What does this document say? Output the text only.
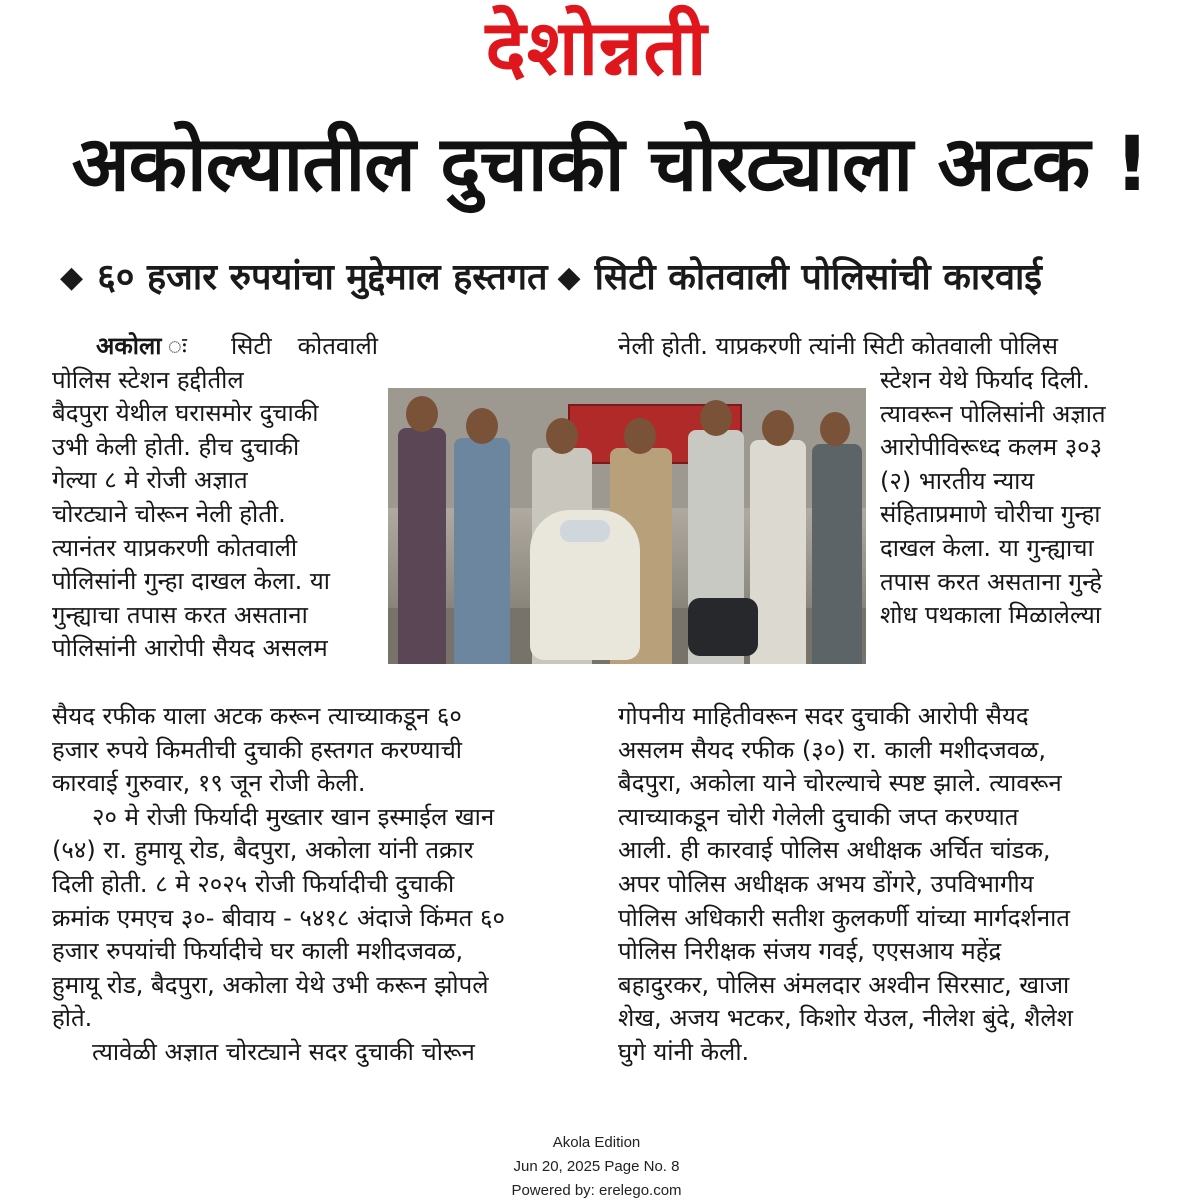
देशोन्नती
अकोल्यातील दुचाकी चोरट्याला अटक !
◆ ६० हजार रुपयांचा मुद्देमाल हस्तगत ◆ सिटी कोतवाली पोलिसांची कारवाई

अकोला ः सिटी कोतवाली पोलिस स्टेशन हद्दीतील

बैदपुरा येथील घरासमोर दुचाकी

उभी केली होती. हीच दुचाकी

गेल्या ८ मे रोजी अज्ञात

चोरट्याने चोरून नेली होती.

त्यानंतर याप्रकरणी कोतवाली

पोलिसांनी गुन्हा दाखल केला. या

गुन्ह्याचा तपास करत असताना

पोलिसांनी आरोपी सैयद असलम

सैयद रफीक याला अटक करून त्याच्याकडून ६०

हजार रुपये किमतीची दुचाकी हस्तगत करण्याची

कारवाई गुरुवार, १९ जून रोजी केली.

२० मे रोजी फिर्यादी मुख्तार खान इस्माईल खान

(५४) रा. हुमायू रोड, बैदपुरा, अकोला यांनी तक्रार

दिली होती. ८ मे २०२५ रोजी फिर्यादीची दुचाकी

क्रमांक एमएच ३०- बीवाय - ५४१८ अंदाजे किंमत ६०

हजार रुपयांची फिर्यादीचे घर काली मशीदजवळ,

हुमायू रोड, बैदपुरा, अकोला येथे उभी करून झोपले

होते.

त्यावेळी अज्ञात चोरट्याने सदर दुचाकी चोरून

नेली होती. याप्रकरणी त्यांनी सिटी कोतवाली पोलिस

स्टेशन येथे फिर्याद दिली.

त्यावरून पोलिसांनी अज्ञात

आरोपीविरूध्द कलम ३०३

(२) भारतीय न्याय

संहिताप्रमाणे चोरीचा गुन्हा

दाखल केला. या गुन्ह्याचा

तपास करत असताना गुन्हे

शोध पथकाला मिळालेल्या

गोपनीय माहितीवरून सदर दुचाकी आरोपी सैयद

असलम सैयद रफीक (३०) रा. काली मशीदजवळ,

बैदपुरा, अकोला याने चोरल्याचे स्पष्ट झाले. त्यावरून

त्याच्याकडून चोरी गेलेली दुचाकी जप्त करण्यात

आली. ही कारवाई पोलिस अधीक्षक अर्चित चांडक,

अपर पोलिस अधीक्षक अभय डोंगरे, उपविभागीय

पोलिस अधिकारी सतीश कुलकर्णी यांच्या मार्गदर्शनात

पोलिस निरीक्षक संजय गवई, एएसआय महेंद्र

बहादुरकर, पोलिस अंमलदार अश्वीन सिरसाट, खाजा

शेख, अजय भटकर, किशोर येउल, नीलेश बुंदे, शैलेश

घुगे यांनी केली.

Akola Edition
Jun 20, 2025 Page No. 8
Powered by: erelego.com
